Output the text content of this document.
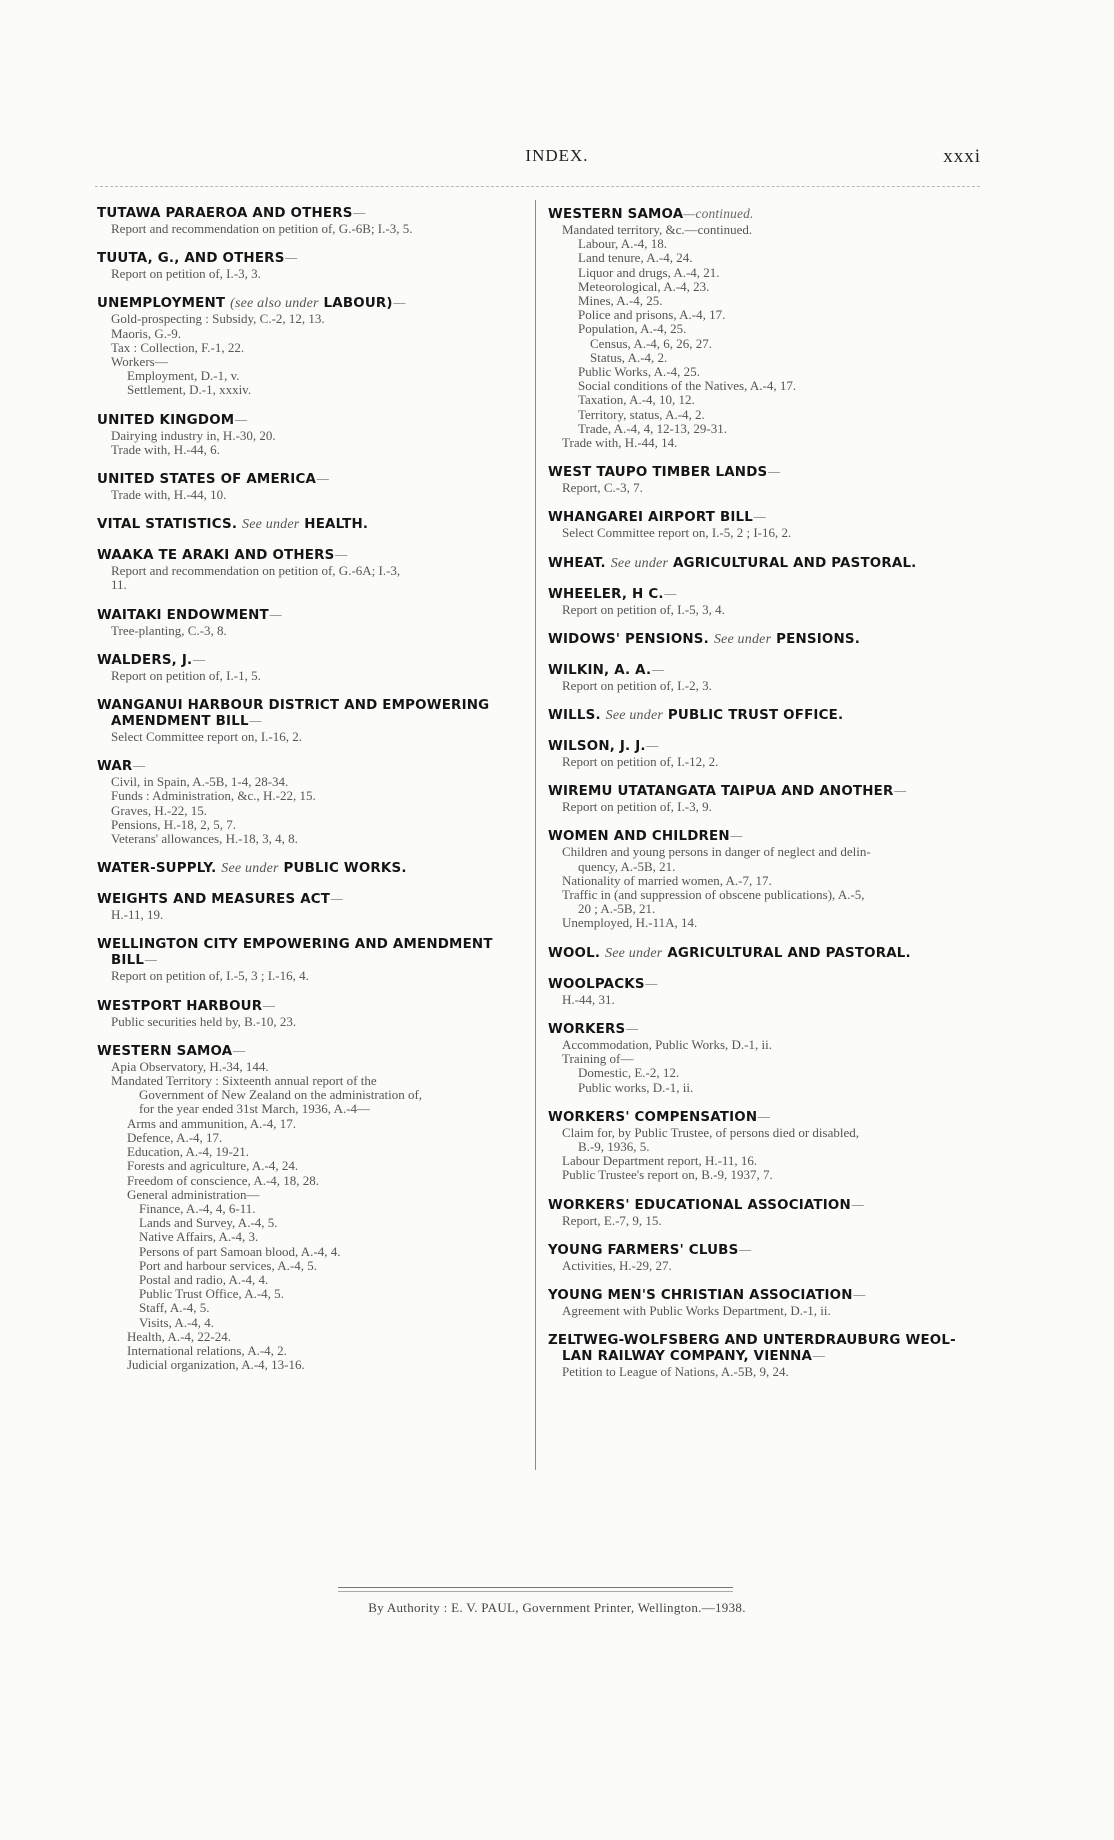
INDEX.	xxxi
TUTAWA PARAEROA AND OTHERS—
Report and recommendation on petition of, G.-6B; I.-3, 5.
TUUTA, G., AND OTHERS—
Report on petition of, I.-3, 3.
UNEMPLOYMENT (see also under LABOUR)—
Gold-prospecting : Subsidy, C.-2, 12, 13.
Maoris, G.-9.
Tax : Collection, F.-1, 22.
Workers—
Employment, D.-1, v.
Settlement, D.-1, xxxiv.
UNITED KINGDOM—
Dairying industry in, H.-30, 20.
Trade with, H.-44, 6.
UNITED STATES OF AMERICA—
Trade with, H.-44, 10.
VITAL STATISTICS. See under HEALTH.
WAAKA TE ARAKI AND OTHERS—
Report and recommendation on petition of, G.-6A; I.-3,
11.
WAITAKI ENDOWMENT—
Tree-planting, C.-3, 8.
WALDERS, J.—
Report on petition of, I.-1, 5.
WANGANUI HARBOUR DISTRICT AND EMPOWERING
AMENDMENT BILL—
Select Committee report on, I.-16, 2.
WAR—
Civil, in Spain, A.-5B, 1-4, 28-34.
Funds : Administration, &c., H.-22, 15.
Graves, H.-22, 15.
Pensions, H.-18, 2, 5, 7.
Veterans' allowances, H.-18, 3, 4, 8.
WATER-SUPPLY. See under PUBLIC WORKS.
WEIGHTS AND MEASURES ACT—
H.-11, 19.
WELLINGTON CITY EMPOWERING AND AMENDMENT
BILL—
Report on petition of, I.-5, 3 ; I.-16, 4.
WESTPORT HARBOUR—
Public securities held by, B.-10, 23.
WESTERN SAMOA—
Apia Observatory, H.-34, 144.
Mandated Territory : Sixteenth annual report of the
Government of New Zealand on the administration of,
for the year ended 31st March, 1936, A.-4—
Arms and ammunition, A.-4, 17.
Defence, A.-4, 17.
Education, A.-4, 19-21.
Forests and agriculture, A.-4, 24.
Freedom of conscience, A.-4, 18, 28.
General administration—
Finance, A.-4, 4, 6-11.
Lands and Survey, A.-4, 5.
Native Affairs, A.-4, 3.
Persons of part Samoan blood, A.-4, 4.
Port and harbour services, A.-4, 5.
Postal and radio, A.-4, 4.
Public Trust Office, A.-4, 5.
Staff, A.-4, 5.
Visits, A.-4, 4.
Health, A.-4, 22-24.
International relations, A.-4, 2.
Judicial organization, A.-4, 13-16.
WESTERN SAMOA—continued.
Mandated territory, &c.—continued.
Labour, A.-4, 18.
Land tenure, A.-4, 24.
Liquor and drugs, A.-4, 21.
Meteorological, A.-4, 23.
Mines, A.-4, 25.
Police and prisons, A.-4, 17.
Population, A.-4, 25.
Census, A.-4, 6, 26, 27.
Status, A.-4, 2.
Public Works, A.-4, 25.
Social conditions of the Natives, A.-4, 17.
Taxation, A.-4, 10, 12.
Territory, status, A.-4, 2.
Trade, A.-4, 4, 12-13, 29-31.
Trade with, H.-44, 14.
WEST TAUPO TIMBER LANDS—
Report, C.-3, 7.
WHANGAREI AIRPORT BILL—
Select Committee report on, I.-5, 2 ; I-16, 2.
WHEAT. See under AGRICULTURAL AND PASTORAL.
WHEELER, H C.—
Report on petition of, I.-5, 3, 4.
WIDOWS' PENSIONS. See under PENSIONS.
WILKIN, A. A.—
Report on petition of, I.-2, 3.
WILLS. See under PUBLIC TRUST OFFICE.
WILSON, J. J.—
Report on petition of, I.-12, 2.
WIREMU UTATANGATA TAIPUA AND ANOTHER—
Report on petition of, I.-3, 9.
WOMEN AND CHILDREN—
Children and young persons in danger of neglect and delin-
quency, A.-5B, 21.
Nationality of married women, A.-7, 17.
Traffic in (and suppression of obscene publications), A.-5,
20 ; A.-5B, 21.
Unemployed, H.-11A, 14.
WOOL. See under AGRICULTURAL AND PASTORAL.
WOOLPACKS—
H.-44, 31.
WORKERS—
Accommodation, Public Works, D.-1, ii.
Training of—
Domestic, E.-2, 12.
Public works, D.-1, ii.
WORKERS' COMPENSATION—
Claim for, by Public Trustee, of persons died or disabled,
B.-9, 1936, 5.
Labour Department report, H.-11, 16.
Public Trustee's report on, B.-9, 1937, 7.
WORKERS' EDUCATIONAL ASSOCIATION—
Report, E.-7, 9, 15.
YOUNG FARMERS' CLUBS—
Activities, H.-29, 27.
YOUNG MEN'S CHRISTIAN ASSOCIATION—
Agreement with Public Works Department, D.-1, ii.
ZELTWEG-WOLFSBERG AND UNTERDRAUBURG WEOL-
LAN RAILWAY COMPANY, VIENNA—
Petition to League of Nations, A.-5B, 9, 24.
By Authority : E. V. PAUL, Government Printer, Wellington.—1938.
